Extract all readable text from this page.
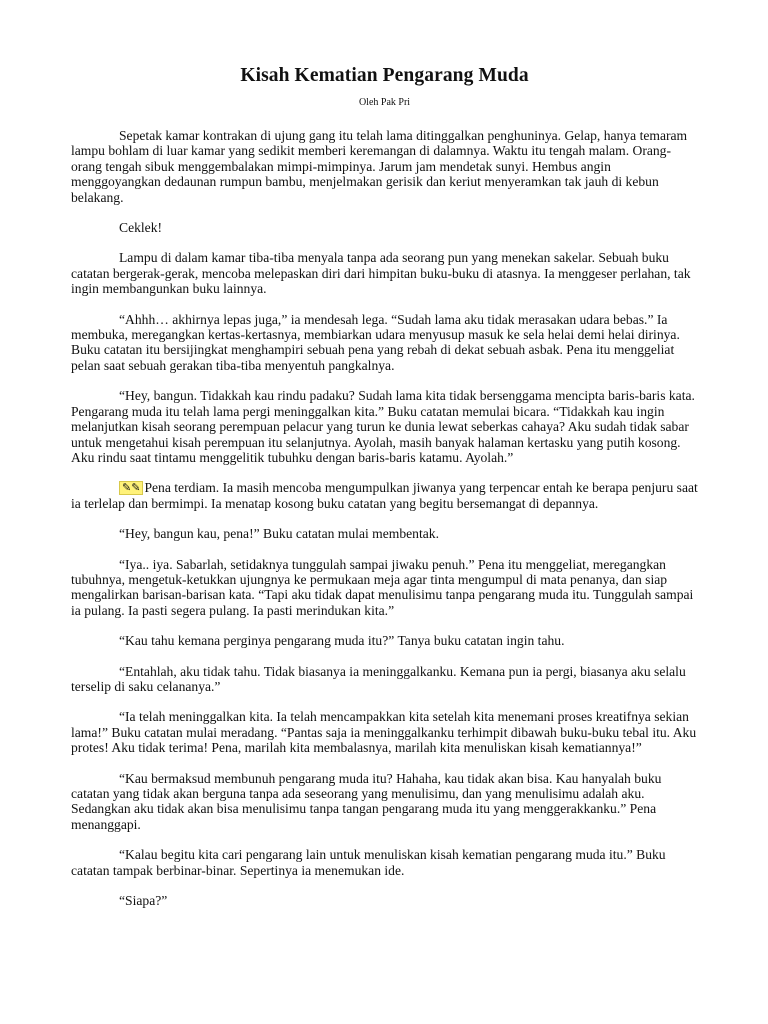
Kisah Kematian Pengarang Muda
Oleh Pak Pri

Sepetak kamar kontrakan di ujung gang itu telah lama ditinggalkan penghuninya. Gelap, hanya temaram lampu bohlam di luar kamar yang sedikit memberi keremangan di dalamnya. Waktu itu tengah malam. Orang-orang tengah sibuk menggembalakan mimpi-mimpinya. Jarum jam mendetak sunyi. Hembus angin menggoyangkan dedaunan rumpun bambu, menjelmakan gerisik dan keriut menyeramkan tak jauh di kebun belakang.

Ceklek!

Lampu di dalam kamar tiba-tiba menyala tanpa ada seorang pun yang menekan sakelar. Sebuah buku catatan bergerak-gerak, mencoba melepaskan diri dari himpitan buku-buku di atasnya. Ia menggeser perlahan, tak ingin membangunkan buku lainnya.

“Ahhh… akhirnya lepas juga,” ia mendesah lega. “Sudah lama aku tidak merasakan udara bebas.” Ia membuka, meregangkan kertas-kertasnya, membiarkan udara menyusup masuk ke sela helai demi helai dirinya. Buku catatan itu bersijingkat menghampiri sebuah pena yang rebah di dekat sebuah asbak. Pena itu menggeliat pelan saat sebuah gerakan tiba-tiba menyentuh pangkalnya.

“Hey, bangun. Tidakkah kau rindu padaku? Sudah lama kita tidak bersenggama mencipta baris-baris kata. Pengarang muda itu telah lama pergi meninggalkan kita.” Buku catatan memulai bicara. “Tidakkah kau ingin melanjutkan kisah seorang perempuan pelacur yang turun ke dunia lewat seberkas cahaya? Aku sudah tidak sabar untuk mengetahui kisah perempuan itu selanjutnya. Ayolah, masih banyak halaman kertasku yang putih kosong. Aku rindu saat tintamu menggelitik tubuhku dengan baris-baris katamu. Ayolah.”

✎✎ Pena terdiam. Ia masih mencoba mengumpulkan jiwanya yang terpencar entah ke berapa penjuru saat ia terlelap dan bermimpi. Ia menatap kosong buku catatan yang begitu bersemangat di depannya.

“Hey, bangun kau, pena!” Buku catatan mulai membentak.

“Iya.. iya. Sabarlah, setidaknya tunggulah sampai jiwaku penuh.” Pena itu menggeliat, meregangkan tubuhnya, mengetuk-ketukkan ujungnya ke permukaan meja agar tinta mengumpul di mata penanya, dan siap mengalirkan barisan-barisan kata. “Tapi aku tidak dapat menulisimu tanpa pengarang muda itu. Tunggulah sampai ia pulang. Ia pasti segera pulang. Ia pasti merindukan kita.”

“Kau tahu kemana perginya pengarang muda itu?” Tanya buku catatan ingin tahu.

“Entahlah, aku tidak tahu. Tidak biasanya ia meninggalkanku. Kemana pun ia pergi, biasanya aku selalu terselip di saku celananya.”

“Ia telah meninggalkan kita. Ia telah mencampakkan kita setelah kita menemani proses kreatifnya sekian lama!” Buku catatan mulai meradang. “Pantas saja ia meninggalkanku terhimpit dibawah buku-buku tebal itu. Aku protes! Aku tidak terima! Pena, marilah kita membalasnya, marilah kita menuliskan kisah kematiannya!”

“Kau bermaksud membunuh pengarang muda itu? Hahaha, kau tidak akan bisa. Kau hanyalah buku catatan yang tidak akan berguna tanpa ada seseorang yang menulisimu, dan yang menulisimu adalah aku. Sedangkan aku tidak akan bisa menulisimu tanpa tangan pengarang muda itu yang menggerakkanku.” Pena menanggapi.

“Kalau begitu kita cari pengarang lain untuk menuliskan kisah kematian pengarang muda itu.” Buku catatan tampak berbinar-binar. Sepertinya ia menemukan ide.

“Siapa?”
